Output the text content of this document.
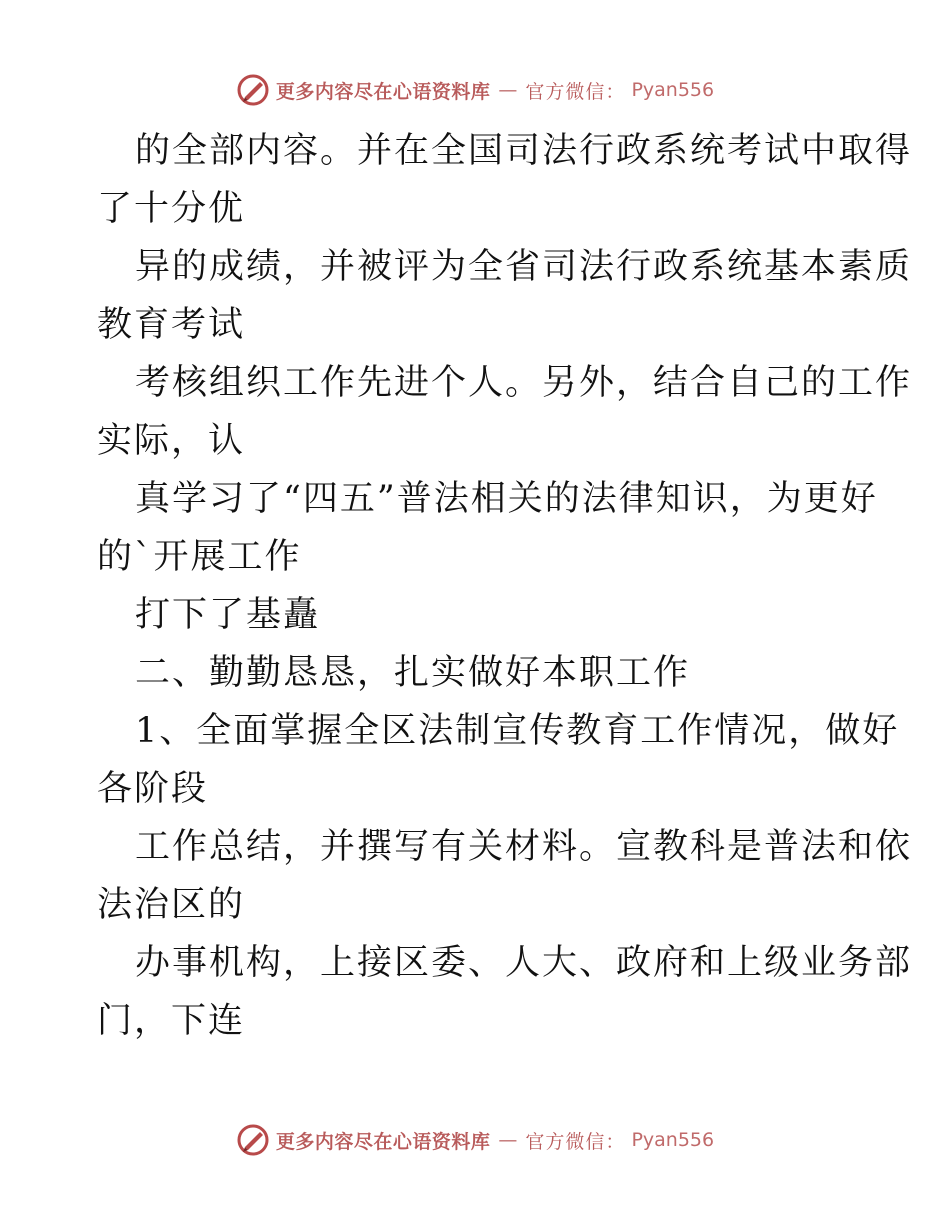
更多内容尽在心语资料库 — 官方微信： Pyan556
的全部内容。并在全国司法行政系统考试中取得
了十分优
异的成绩，并被评为全省司法行政系统基本素质
教育考试
考核组织工作先进个人。另外，结合自己的工作
实际，认
真学习了“四五”普法相关的法律知识，为更好
的`开展工作
打下了基矗
二、勤勤恳恳，扎实做好本职工作
1、全面掌握全区法制宣传教育工作情况，做好
各阶段
工作总结，并撰写有关材料。宣教科是普法和依
法治区的
办事机构，上接区委、人大、政府和上级业务部
门，下连
更多内容尽在心语资料库 — 官方微信： Pyan556
